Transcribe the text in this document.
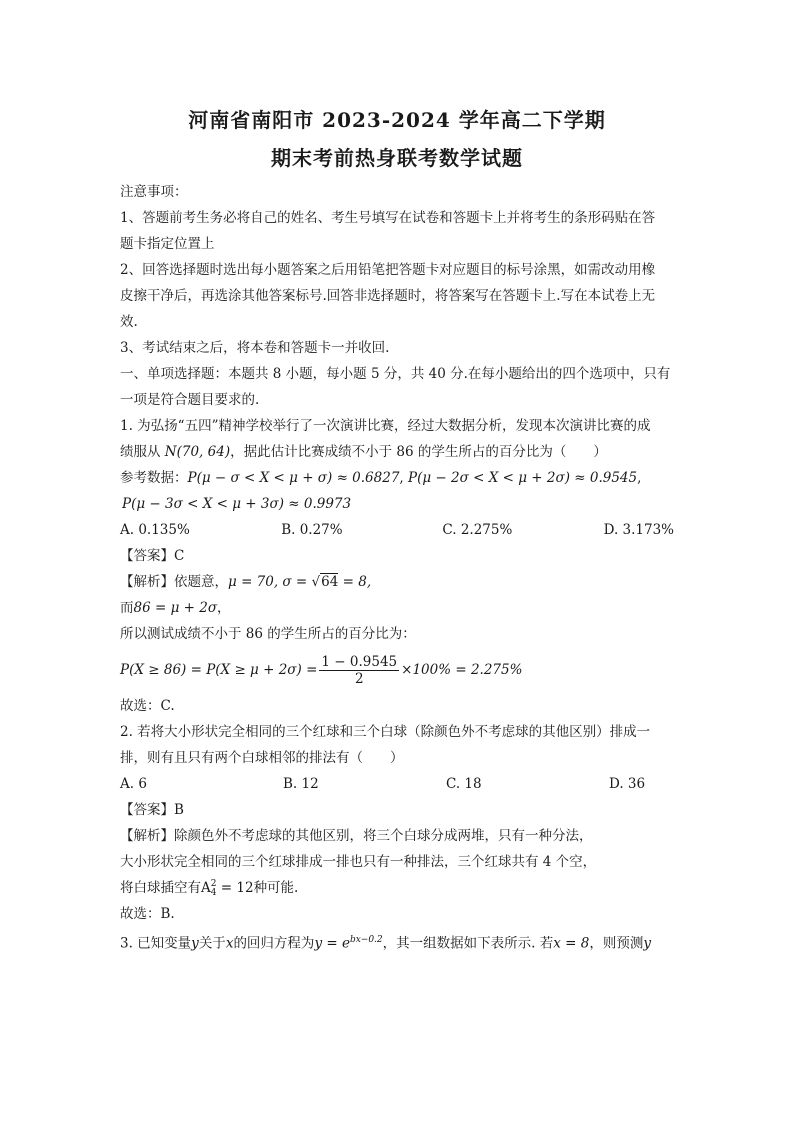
河南省南阳市 2023-2024 学年高二下学期
期末考前热身联考数学试题
注意事项：
1、答题前考生务必将自己的姓名、考生号填写在试卷和答题卡上并将考生的条形码贴在答
题卡指定位置上
2、回答选择题时选出每小题答案之后用铅笔把答题卡对应题目的标号涂黑，如需改动用橡
皮擦干净后，再选涂其他答案标号.回答非选择题时，将答案写在答题卡上.写在本试卷上无
效.
3、考试结束之后，将本卷和答题卡一并收回.
一、单项选择题：本题共 8 小题，每小题 5 分，共 40 分.在每小题给出的四个选项中，只有
一项是符合题目要求的.
1. 为弘扬“五四”精神学校举行了一次演讲比赛，经过大数据分析，发现本次演讲比赛的成
绩服从 N(70, 64)，据此估计比赛成绩不小于 86 的学生所占的百分比为（　　）
参考数据：P(μ − σ < X < μ + σ) ≈ 0.6827, P(μ − 2σ < X < μ + 2σ) ≈ 0.9545,
P(μ − 3σ < X < μ + 3σ) ≈ 0.9973
A. 0.135%	B. 0.27%	C. 2.275%	D. 3.173%
【答案】C
【解析】依题意，μ = 70, σ = √64 = 8,
而86 = μ + 2σ，
所以测试成绩不小于 86 的学生所占的百分比为：
$P(X \ge 86) = P(X \ge \mu + 2\sigma) = \frac{1 - 0.9545}{2} \times 100\% = 2.275\%$
故选：C.
2. 若将大小形状完全相同的三个红球和三个白球（除颜色外不考虑球的其他区别）排成一
排，则有且只有两个白球相邻的排法有（　　）
A. 6	B. 12	C. 18	D. 36
【答案】B
【解析】除颜色外不考虑球的其他区别，将三个白球分成两堆，只有一种分法，
大小形状完全相同的三个红球排成一排也只有一种排法，三个红球共有 4 个空，
将白球插空有A 2
4 = 12种可能.
故选：B.
3. 已知变量y关于x的回归方程为$y = e^{bx-0.2}$，其一组数据如下表所示. 若x = 8，则预测y
